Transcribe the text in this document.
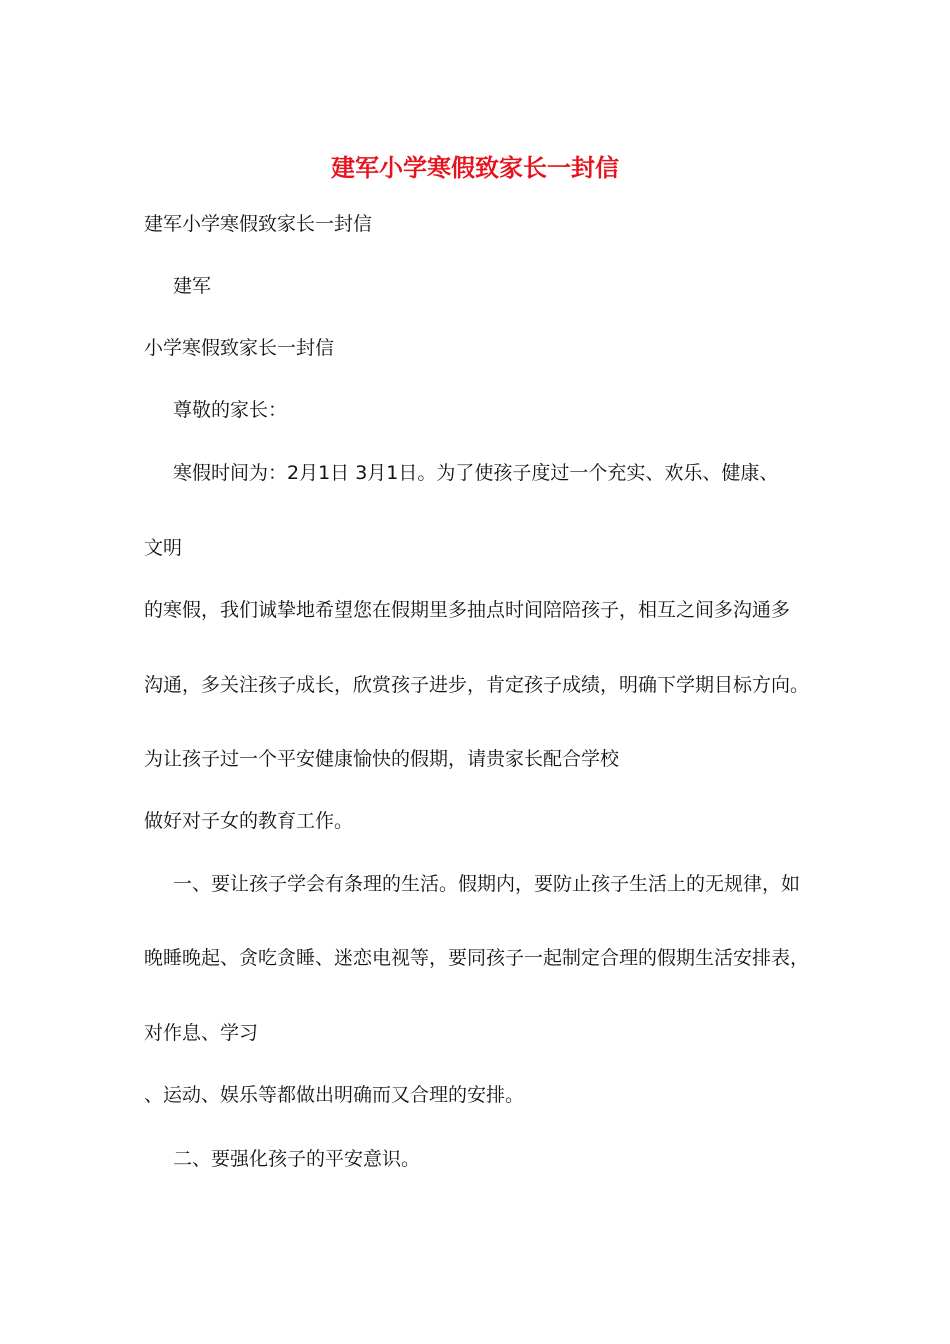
建军小学寒假致家长一封信
建军小学寒假致家长一封信
建军
小学寒假致家长一封信
尊敬的家长：
寒假时间为：2月1日 3月1日。为了使孩子度过一个充实、欢乐、健康、
文明
的寒假，我们诚挚地希望您在假期里多抽点时间陪陪孩子，相互之间多沟通多
沟通，多关注孩子成长，欣赏孩子进步，肯定孩子成绩，明确下学期目标方向。
为让孩子过一个平安健康愉快的假期，请贵家长配合学校
做好对子女的教育工作。
一、要让孩子学会有条理的生活。假期内，要防止孩子生活上的无规律，如
晚睡晚起、贪吃贪睡、迷恋电视等，要同孩子一起制定合理的假期生活安排表，
对作息、学习
、运动、娱乐等都做出明确而又合理的安排。
二、要强化孩子的平安意识。
